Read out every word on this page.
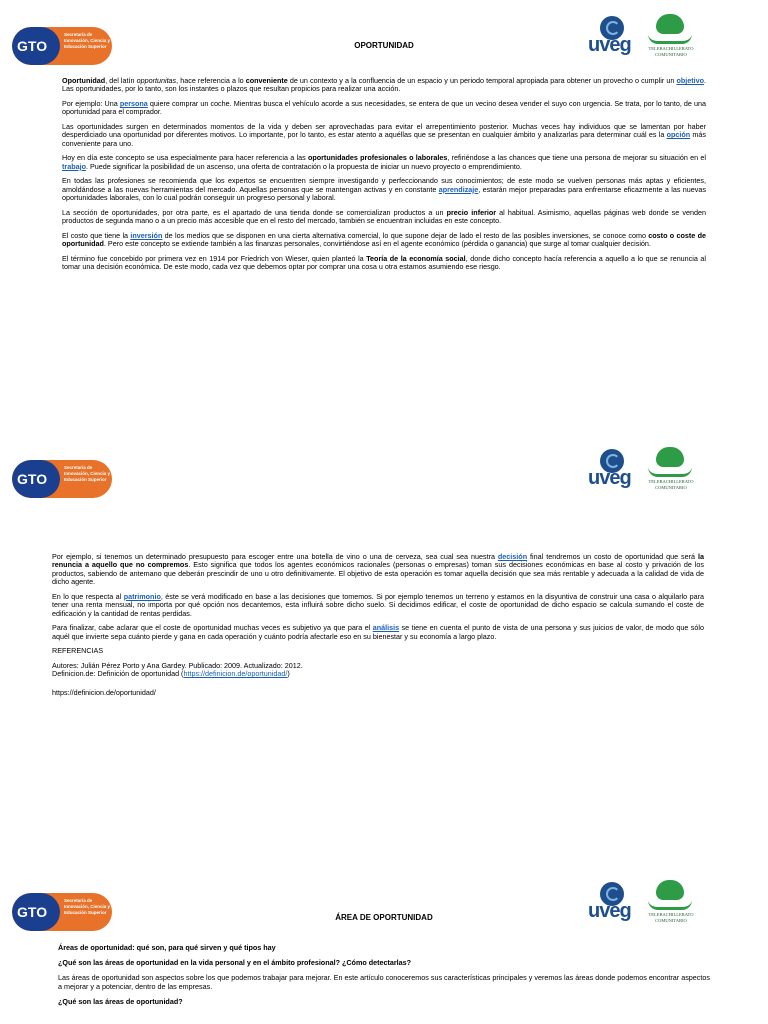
GTO
Secretaría de Innovación, Ciencia y Educación Superior	OPORTUNIDAD	uveg	TELEBACHILLERATO
COMUNITARIO

Oportunidad, del latín opportunitas, hace referencia a lo conveniente de un contexto y a la confluencia de un espacio y un periodo temporal apropiada para obtener un provecho o cumplir un objetivo. Las oportunidades, por lo tanto, son los instantes o plazos que resultan propicios para realizar una acción.

Por ejemplo: Una persona quiere comprar un coche. Mientras busca el vehículo acorde a sus necesidades, se entera de que un vecino desea vender el suyo con urgencia. Se trata, por lo tanto, de una oportunidad para el comprador.

Las oportunidades surgen en determinados momentos de la vida y deben ser aprovechadas para evitar el arrepentimiento posterior. Muchas veces hay individuos que se lamentan por haber desperdiciado una oportunidad por diferentes motivos. Lo importante, por lo tanto, es estar atento a aquéllas que se presentan en cualquier ámbito y analizarlas para determinar cuál es la opción más conveniente para uno.

Hoy en día este concepto se usa especialmente para hacer referencia a las oportunidades profesionales o laborales, refiriéndose a las chances que tiene una persona de mejorar su situación en el trabajo. Puede significar la posibilidad de un ascenso, una oferta de contratación o la propuesta de iniciar un nuevo proyecto o emprendimiento.

En todas las profesiones se recomienda que los expertos se encuentren siempre investigando y perfeccionando sus conocimientos; de este modo se vuelven personas más aptas y eficientes, amoldándose a las nuevas herramientas del mercado. Aquellas personas que se mantengan activas y en constante aprendizaje, estarán mejor preparadas para enfrentarse eficazmente a las nuevas oportunidades laborales, con lo cual podrán conseguir un progreso personal y laboral.

La sección de oportunidades, por otra parte, es el apartado de una tienda donde se comercializan productos a un precio inferior al habitual. Asimismo, aquellas páginas web donde se venden productos de segunda mano o a un precio más accesible que en el resto del mercado, también se encuentran incluidas en este concepto.

El costo que tiene la inversión de los medios que se disponen en una cierta alternativa comercial, lo que supone dejar de lado el resto de las posibles inversiones, se conoce como costo o coste de oportunidad. Pero este concepto se extiende también a las finanzas personales, convirtiéndose así en el agente económico (pérdida o ganancia) que surge al tomar cualquier decisión.

El término fue concebido por primera vez en 1914 por Friedrich von Wieser, quien planteó la Teoría de la economía social, donde dicho concepto hacía referencia a aquello a lo que se renuncia al tomar una decisión económica. De este modo, cada vez que debemos optar por comprar una cosa u otra estamos asumiendo ese riesgo.

GTO
Secretaría de Innovación, Ciencia y Educación Superior	uveg	TELEBACHILLERATO
COMUNITARIO

Por ejemplo, si tenemos un determinado presupuesto para escoger entre una botella de vino o una de cerveza, sea cual sea nuestra decisión final tendremos un costo de oportunidad que será la renuncia a aquello que no compremos. Esto significa que todos los agentes económicos racionales (personas o empresas) toman sus decisiones económicas en base al costo y privación de los productos, sabiendo de antemano que deberán prescindir de uno u otro definitivamente. El objetivo de esta operación es tomar aquella decisión que sea más rentable y adecuada a la calidad de vida de dicho agente.

En lo que respecta al patrimonio, éste se verá modificado en base a las decisiones que tomemos. Si por ejemplo tenemos un terreno y estamos en la disyuntiva de construir una casa o alquilarlo para tener una renta mensual, no importa por qué opción nos decantemos, esta influirá sobre dicho suelo. Si decidimos edificar, el coste de oportunidad de dicho espacio se calcula sumando el coste de edificación y la cantidad de rentas perdidas.

Para finalizar, cabe aclarar que el coste de oportunidad muchas veces es subjetivo ya que para el análisis se tiene en cuenta el punto de vista de una persona y sus juicios de valor, de modo que sólo aquél que invierte sepa cuánto pierde y gana en cada operación y cuánto podría afectarle eso en su bienestar y su economía a largo plazo.

REFERENCIAS

Autores: Julián Pérez Porto y Ana Gardey. Publicado: 2009. Actualizado: 2012.
Definicion.de: Definición de oportunidad (https://definicion.de/oportunidad/)

https://definicion.de/oportunidad/

GTO
Secretaría de Innovación, Ciencia y Educación Superior
ÁREA DE OPORTUNIDAD	uveg	TELEBACHILLERATO
COMUNITARIO

Áreas de oportunidad: qué son, para qué sirven y qué tipos hay

¿Qué son las áreas de oportunidad en la vida personal y en el ámbito profesional? ¿Cómo detectarlas?

Las áreas de oportunidad son aspectos sobre los que podemos trabajar para mejorar. En este artículo conoceremos sus características principales y veremos las áreas donde podemos encontrar aspectos a mejorar y a potenciar, dentro de las empresas.

¿Qué son las áreas de oportunidad?
